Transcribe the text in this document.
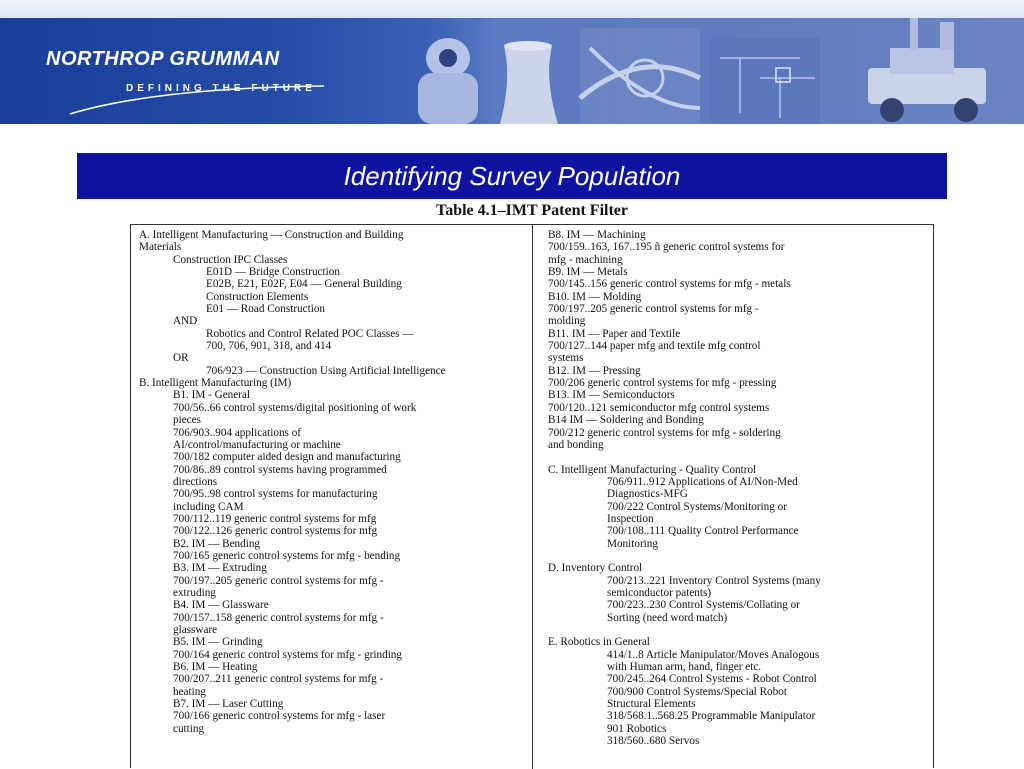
NORTHROP GRUMMAN
DEFINING THE FUTURE
Identifying Survey Population
Table 4.1–IMT Patent Filter
A. Intelligent Manufacturing — Construction and Building
Materials
Construction IPC Classes
E01D — Bridge Construction
E02B, E21, E02F, E04 — General Building
Construction Elements
E01 — Road Construction
AND
Robotics and Control Related POC Classes —
700, 706, 901, 318, and 414
OR
706/923 — Construction Using Artificial Intelligence
B. Intelligent Manufacturing (IM)
B1. IM - General
700/56..66 control systems/digital positioning of work
pieces
706/903..904 applications of
AI/control/manufacturing or machine
700/182 computer aided design and manufacturing
700/86..89 control systems having programmed
directions
700/95..98 control systems for manufacturing
including CAM
700/112..119 generic control systems for mfg
700/122..126 generic control systems for mfg
B2. IM — Bending
700/165 generic control systems for mfg - bending
B3. IM — Extruding
700/197..205 generic control systems for mfg -
extruding
B4. IM — Glassware
700/157..158 generic control systems for mfg -
glassware
B5. IM — Grinding
700/164 generic control systems for mfg - grinding
B6. IM — Heating
700/207..211 generic control systems for mfg -
heating
B7. IM — Laser Cutting
700/166 generic control systems for mfg - laser
cutting
B8. IM — Machining
700/159..163, 167..195 ñ generic control systems for
mfg - machining
B9. IM — Metals
700/145..156 generic control systems for mfg - metals
B10. IM — Molding
700/197..205 generic control systems for mfg -
molding
B11. IM — Paper and Textile
700/127..144 paper mfg and textile mfg control
systems
B12. IM — Pressing
700/206 generic control systems for mfg - pressing
B13. IM — Semiconductors
700/120..121 semiconductor mfg control systems
B14 IM — Soldering and Bonding
700/212 generic control systems for mfg - soldering
and bonding
C. Intelligent Manufacturing - Quality Control
706/911..912 Applications of AI/Non-Med
Diagnostics-MFG
700/222 Control Systems/Monitoring or
Inspection
700/108..111 Quality Control Performance
Monitoring
D. Inventory Control
700/213..221 Inventory Control Systems (many
semiconductor patents)
700/223..230 Control Systems/Collating or
Sorting (need word match)
E. Robotics in General
414/1..8 Article Manipulator/Moves Analogous
with Human arm, hand, finger etc.
700/245..264 Control Systems - Robot Control
700/900 Control Systems/Special Robot
Structural Elements
318/568.1..568.25 Programmable Manipulator
901 Robotics
318/560..680 Servos
